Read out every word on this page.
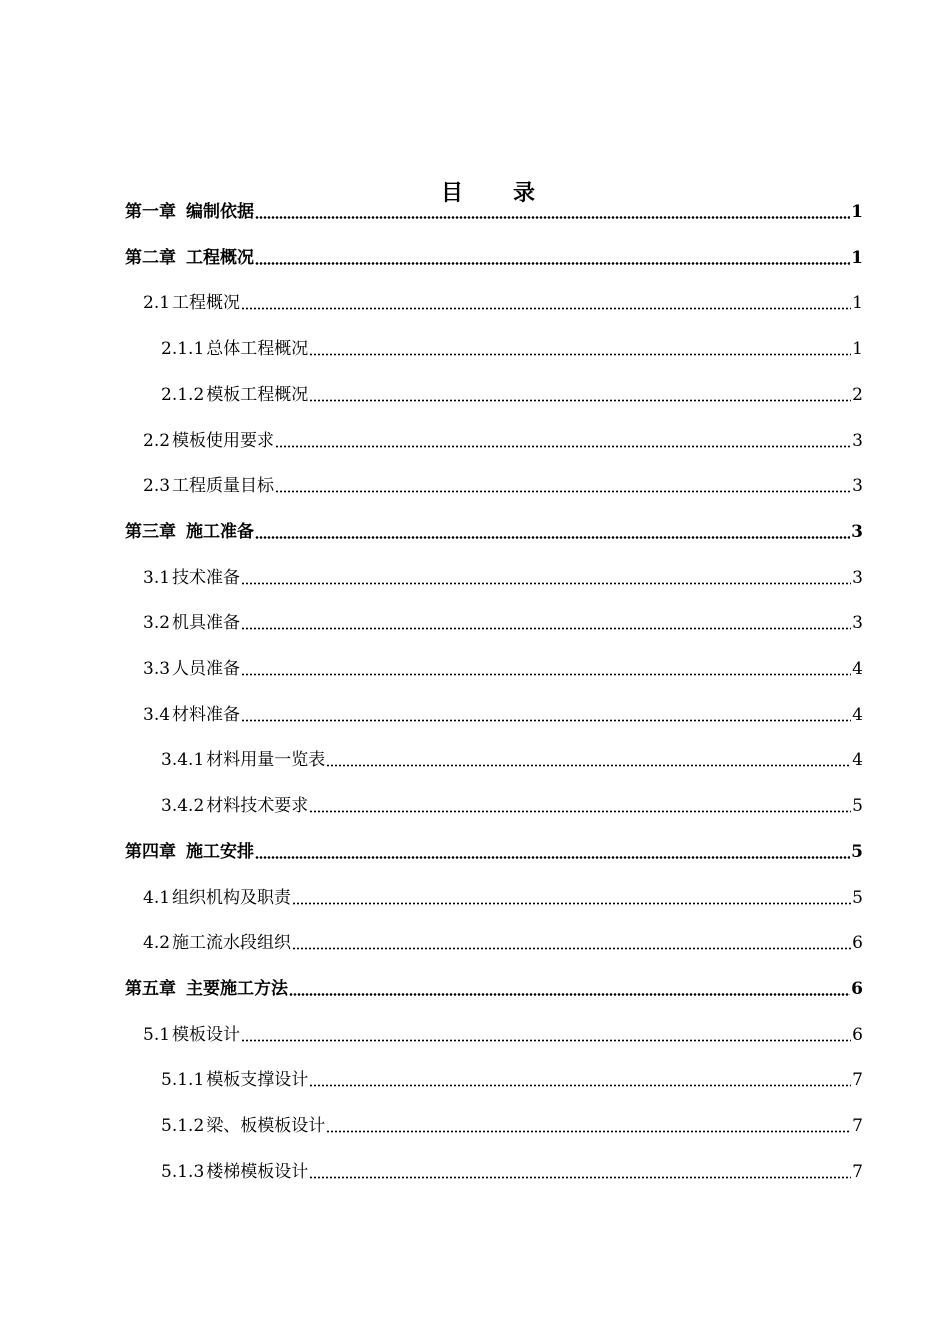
目　录
第一章 编制依据	1
第二章 工程概况	1
2.1 工程概况	1
2.1.1 总体工程概况	1
2.1.2 模板工程概况	2
2.2 模板使用要求	3
2.3 工程质量目标	3
第三章 施工准备	3
3.1 技术准备	3
3.2 机具准备	3
3.3 人员准备	4
3.4 材料准备	4
3.4.1 材料用量一览表	4
3.4.2 材料技术要求	5
第四章 施工安排	5
4.1 组织机构及职责	5
4.2 施工流水段组织	6
第五章 主要施工方法	6
5.1 模板设计	6
5.1.1 模板支撑设计	7
5.1.2 梁、板模板设计	7
5.1.3 楼梯模板设计	7
